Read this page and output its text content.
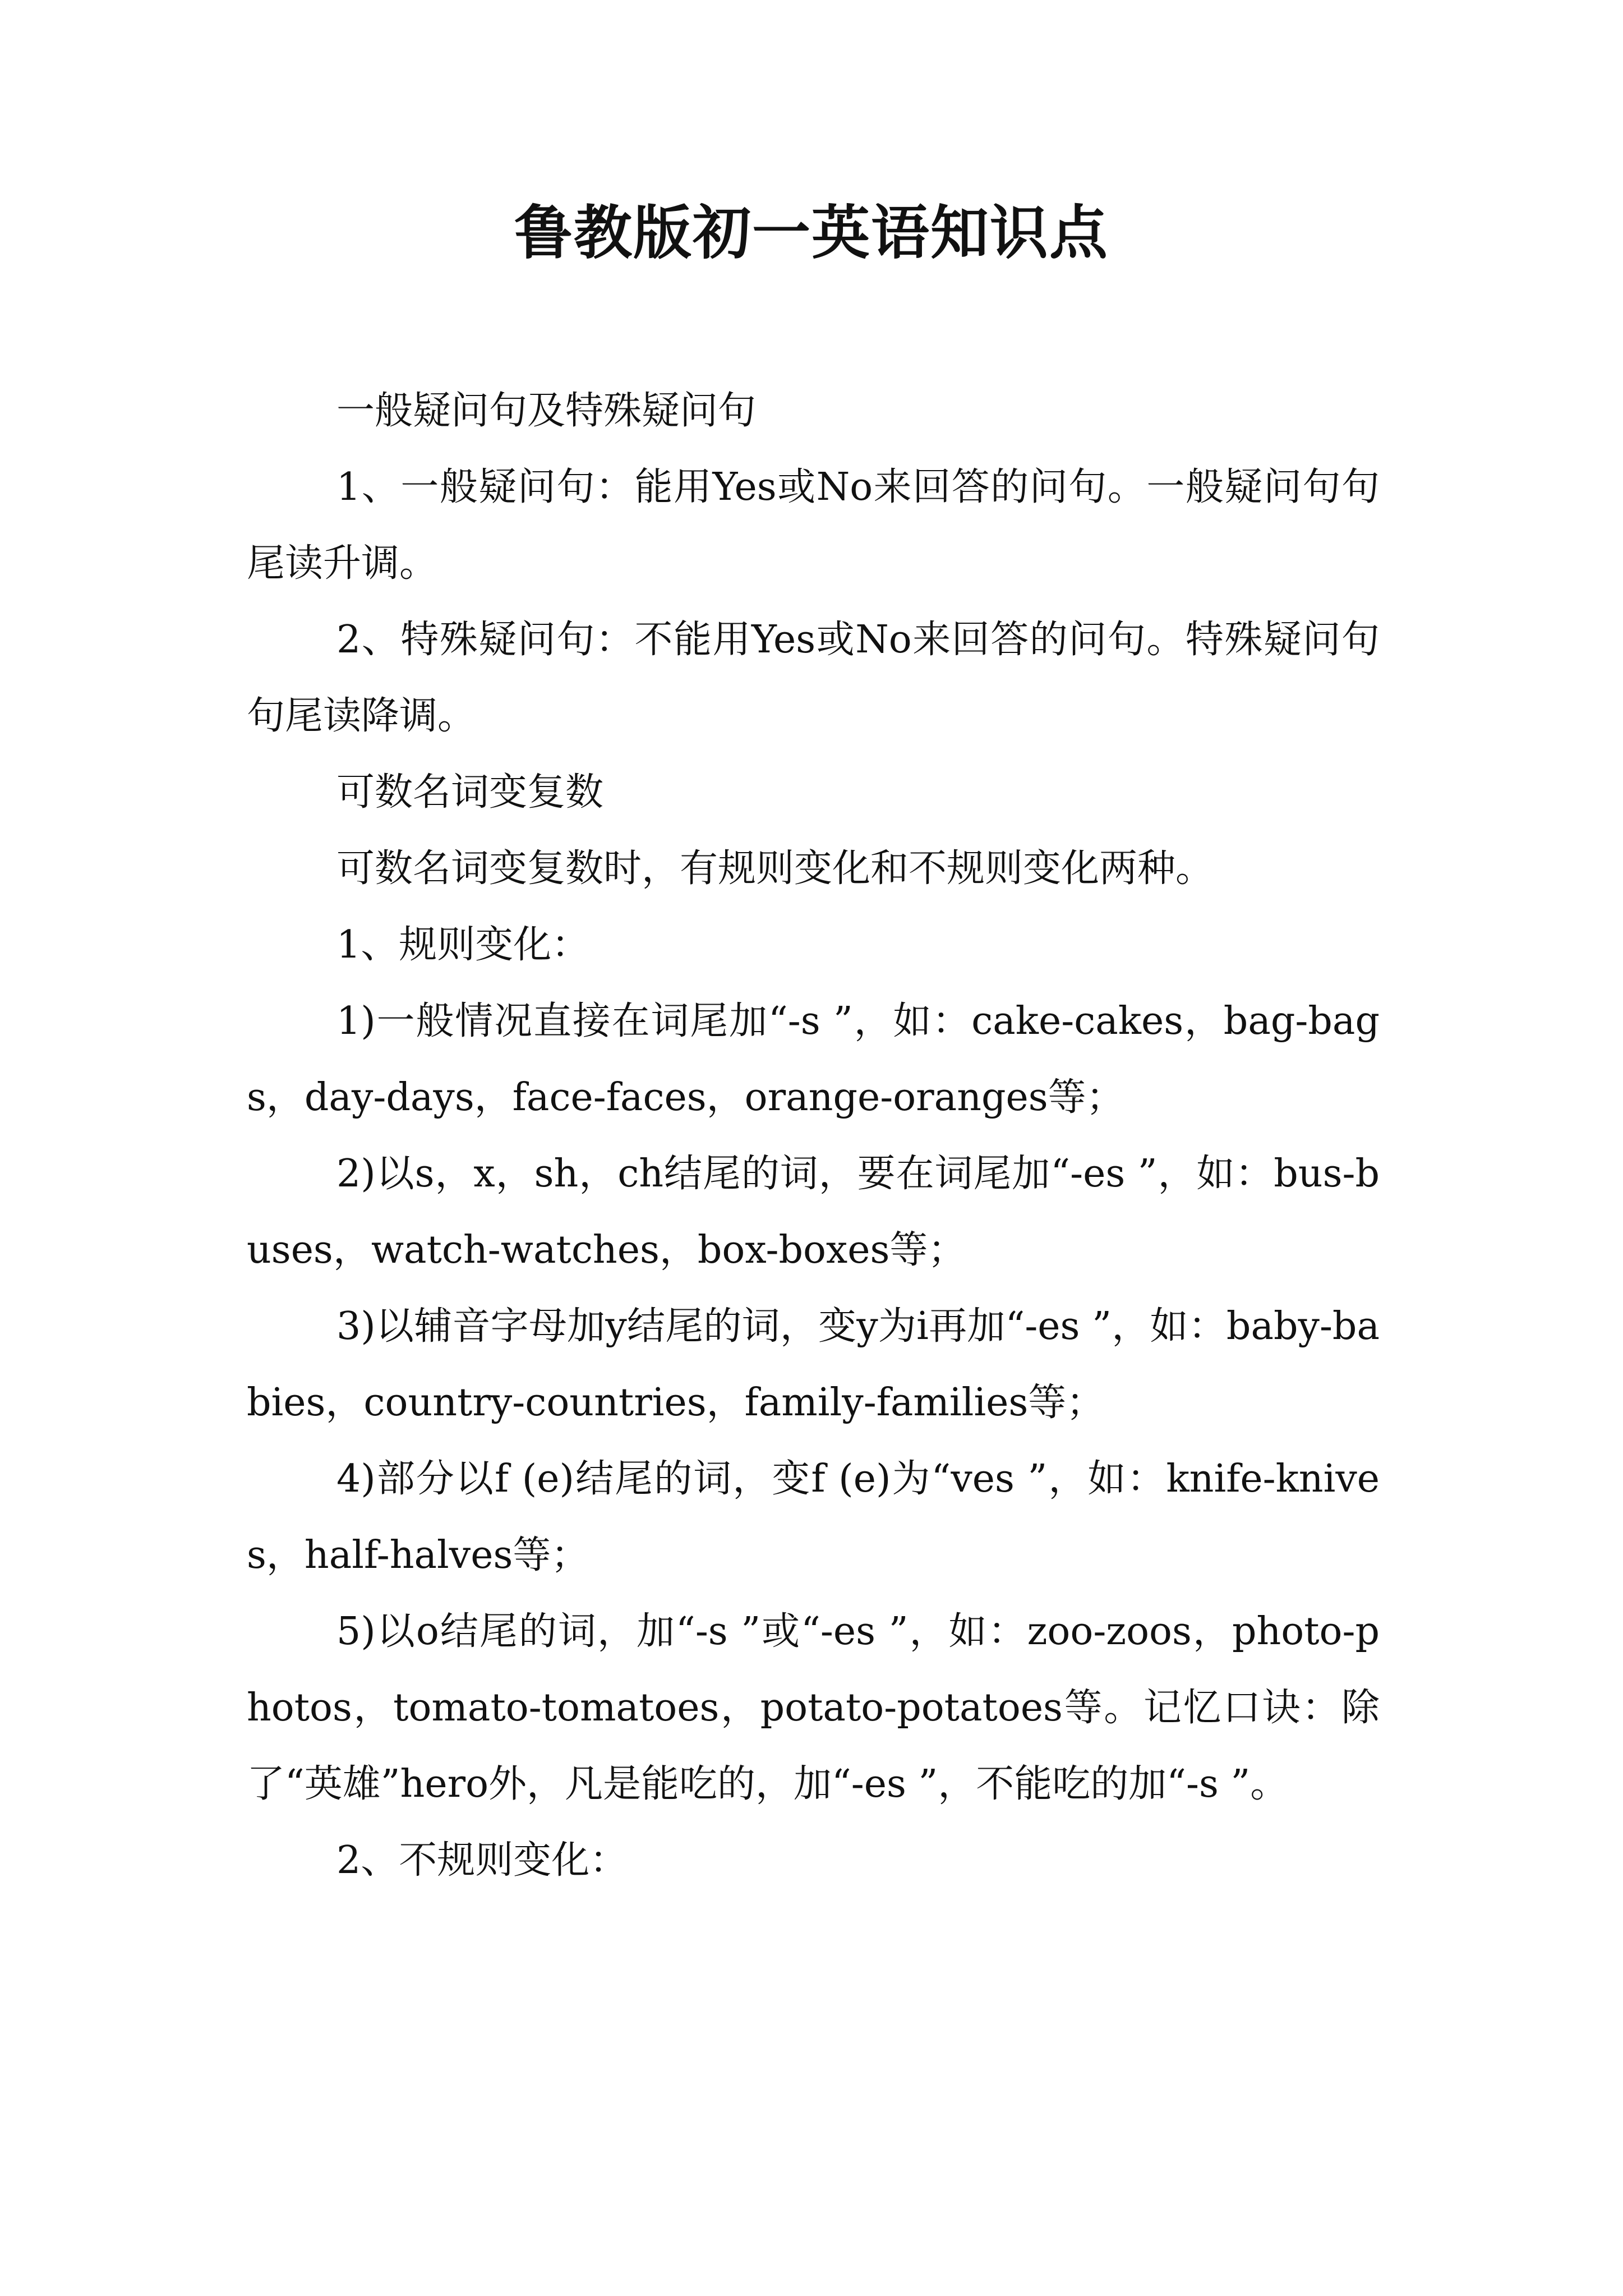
鲁教版初一英语知识点

一般疑问句及特殊疑问句

1、一般疑问句：能用Yes或No来回答的问句。一般疑问句句尾读升调。

2、特殊疑问句：不能用Yes或No来回答的问句。特殊疑问句句尾读降调。

可数名词变复数

可数名词变复数时，有规则变化和不规则变化两种。

1、规则变化：

1)一般情况直接在词尾加“-s ”，如：cake-cakes，bag-bags，day-days，face-faces，orange-oranges等；

2)以s，x，sh，ch结尾的词，要在词尾加“-es ”，如：bus-buses，watch-watches，box-boxes等；

3)以辅音字母加y结尾的词，变y为i再加“-es ”，如：baby-babies，country-countries，family-families等；

4)部分以f (e)结尾的词，变f (e)为“ves ”，如：knife-knives，half-halves等；

5)以o结尾的词，加“-s ”或“-es ”，如：zoo-zoos，photo-photos，tomato-tomatoes，potato-potatoes等。记忆口诀：除了“英雄”hero外，凡是能吃的，加“-es ”，不能吃的加“-s ”。

2、不规则变化：
